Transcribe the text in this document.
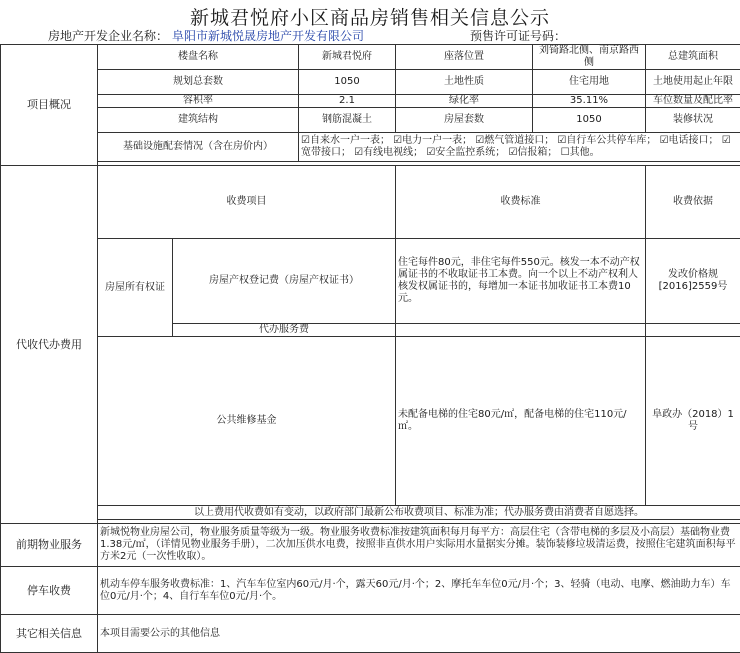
新城君悦府小区商品房销售相关信息公示
房地产开发企业名称： 阜阳市新城悦晟房地产开发有限公司	预售许可证号码：
项目概况	楼盘名称		新城君悦府	座落位置	刘锜路北侧、南京路西侧	总建筑面积	
	规划总套数		1050	土地性质	住宅用地	土地使用起止年限	
	容积率		2.1	绿化率	35.11%	车位数量及配比率	
	建筑结构		钢筋混凝土	房屋套数	1050	装修状况	
	基础设施配套情况（含在房价内）		☑自来水一户一表； ☑电力一户一表； ☑燃气管道接口； ☑自行车公共停车库； ☑电话接口； ☑宽带接口； ☑有线电视线； ☑安全监控系统； ☑信报箱； ☐其他。				

代收代办费用	收费项目			收费标准		收费依据	
	房屋所有权证	房屋产权登记费（房屋产权证书）		住宅每件80元，非住宅每件550元。核发一本不动产权属证书的不收取证书工本费。向一个以上不动产权利人核发权属证书的，每增加一本证书加收证书工本费10元。		发改价格规[2016]2559号	
		代办服务费					
	公共维修基金			未配备电梯的住宅80元/㎡，配备电梯的住宅110元/㎡。		阜政办（2018）1号	
	以上费用代收费如有变动，以政府部门最新公布收费项目、标准为准；代办服务费由消费者自愿选择。						

前期物业服务	新城悦物业房屋公司，物业服务质量等级为一级。物业服务收费标准按建筑面积每月每平方：高层住宅（含带电梯的多层及小高层）基础物业费1.38元/㎡，（详情见物业服务手册），二次加压供水电费，按照非直供水用户实际用水量据实分摊。装饰装修垃圾清运费，按照住宅建筑面积每平方米2元（一次性收取）。						
停车收费	机动车停车服务收费标准：1、汽车车位室内60元/月·个，露天60元/月·个；2、摩托车车位0元/月·个；3、轻骑（电动、电摩、燃油助力车）车位0元/月·个；4、自行车车位0元/月·个。						
其它相关信息	本项目需要公示的其他信息						
